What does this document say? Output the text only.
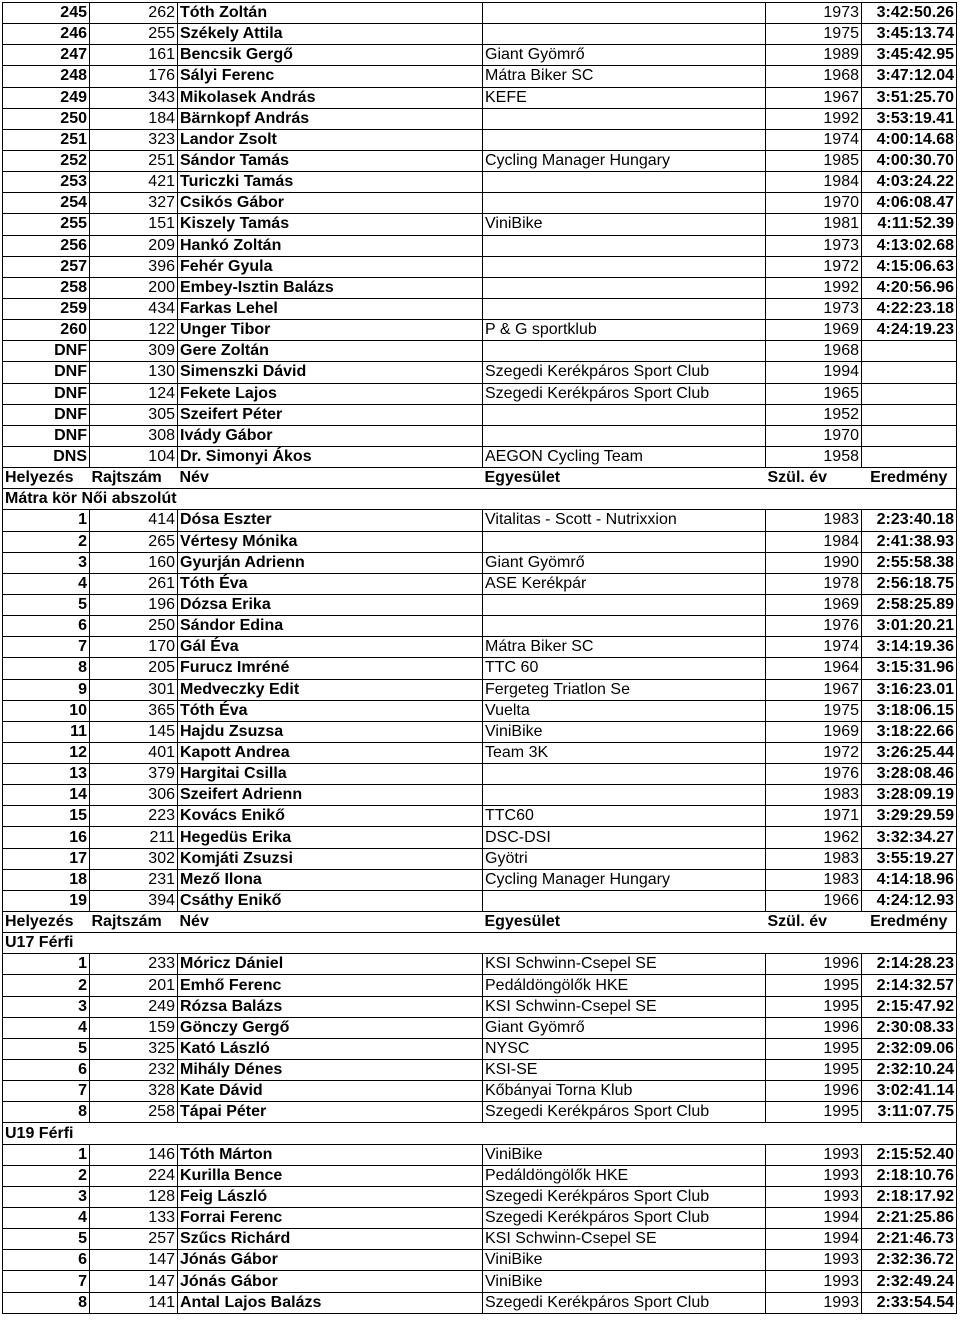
245	262	Tóth Zoltán		1973	3:42:50.26
246	255	Székely Attila		1975	3:45:13.74
247	161	Bencsik Gergő	Giant Gyömrő	1989	3:45:42.95
248	176	Sályi Ferenc	Mátra Biker SC	1968	3:47:12.04
249	343	Mikolasek András	KEFE	1967	3:51:25.70
250	184	Bärnkopf András		1992	3:53:19.41
251	323	Landor Zsolt		1974	4:00:14.68
252	251	Sándor Tamás	Cycling Manager Hungary	1985	4:00:30.70
253	421	Turiczki Tamás		1984	4:03:24.22
254	327	Csikós Gábor		1970	4:06:08.47
255	151	Kiszely Tamás	ViniBike	1981	4:11:52.39
256	209	Hankó Zoltán		1973	4:13:02.68
257	396	Fehér Gyula		1972	4:15:06.63
258	200	Embey-Isztin Balázs		1992	4:20:56.96
259	434	Farkas Lehel		1973	4:22:23.18
260	122	Unger Tibor	P & G sportklub	1969	4:24:19.23
DNF	309	Gere Zoltán		1968	
DNF	130	Simenszki Dávid	Szegedi Kerékpáros Sport Club	1994	
DNF	124	Fekete Lajos	Szegedi Kerékpáros Sport Club	1965	
DNF	305	Szeifert Péter		1952	
DNF	308	Ivády Gábor		1970	
DNS	104	Dr. Simonyi Ákos	AEGON Cycling Team	1958	
Helyezés	Rajtszám	Név	Egyesület	Szül. év	Eredmény
Mátra kör Női abszolút					
1	414	Dósa Eszter	Vitalitas - Scott - Nutrixxion	1983	2:23:40.18
2	265	Vértesy Mónika		1984	2:41:38.93
3	160	Gyurján Adrienn	Giant Gyömrő	1990	2:55:58.38
4	261	Tóth Éva	ASE Kerékpár	1978	2:56:18.75
5	196	Dózsa Erika		1969	2:58:25.89
6	250	Sándor Edina		1976	3:01:20.21
7	170	Gál Éva	Mátra Biker SC	1974	3:14:19.36
8	205	Furucz Imréné	TTC 60	1964	3:15:31.96
9	301	Medveczky Edit	Fergeteg Triatlon Se	1967	3:16:23.01
10	365	Tóth Éva	Vuelta	1975	3:18:06.15
11	145	Hajdu Zsuzsa	ViniBike	1969	3:18:22.66
12	401	Kapott Andrea	Team 3K	1972	3:26:25.44
13	379	Hargitai Csilla		1976	3:28:08.46
14	306	Szeifert Adrienn		1983	3:28:09.19
15	223	Kovács Enikő	TTC60	1971	3:29:29.59
16	211	Hegedüs Erika	DSC-DSI	1962	3:32:34.27
17	302	Komjáti Zsuzsi	Gyötri	1983	3:55:19.27
18	231	Mező Ilona	Cycling Manager Hungary	1983	4:14:18.96
19	394	Csáthy Enikő		1966	4:24:12.93
Helyezés	Rajtszám	Név	Egyesület	Szül. év	Eredmény
U17 Férfi					
1	233	Móricz Dániel	KSI Schwinn-Csepel SE	1996	2:14:28.23
2	201	Emhő Ferenc	Pedáldöngölők HKE	1995	2:14:32.57
3	249	Rózsa Balázs	KSI Schwinn-Csepel SE	1995	2:15:47.92
4	159	Gönczy Gergő	Giant Gyömrő	1996	2:30:08.33
5	325	Kató László	NYSC	1995	2:32:09.06
6	232	Mihály Dénes	KSI-SE	1995	2:32:10.24
7	328	Kate Dávid	Kőbányai Torna Klub	1996	3:02:41.14
8	258	Tápai Péter	Szegedi Kerékpáros Sport Club	1995	3:11:07.75
U19 Férfi					
1	146	Tóth Márton	ViniBike	1993	2:15:52.40
2	224	Kurilla Bence	Pedáldöngölők HKE	1993	2:18:10.76
3	128	Feig László	Szegedi Kerékpáros Sport Club	1993	2:18:17.92
4	133	Forrai Ferenc	Szegedi Kerékpáros Sport Club	1994	2:21:25.86
5	257	Szűcs Richárd	KSI Schwinn-Csepel SE	1994	2:21:46.73
6	147	Jónás Gábor	ViniBike	1993	2:32:36.72
7	147	Jónás Gábor	ViniBike	1993	2:32:49.24
8	141	Antal Lajos Balázs	Szegedi Kerékpáros Sport Club	1993	2:33:54.54
